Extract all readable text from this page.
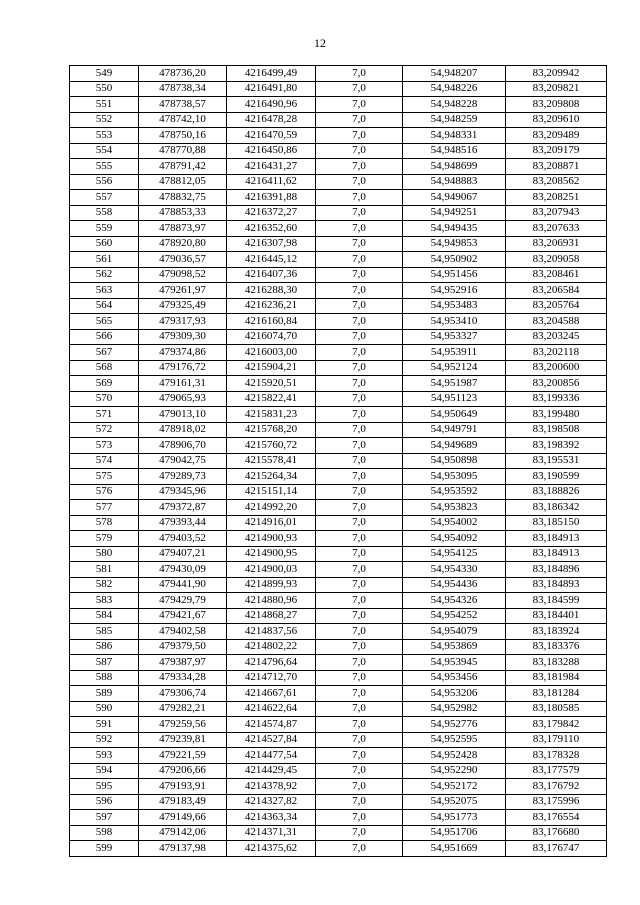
12
549	478736,20	4216499,49	7,0	54,948207	83,209942
550	478738,34	4216491,80	7,0	54,948226	83,209821
551	478738,57	4216490,96	7,0	54,948228	83,209808
552	478742,10	4216478,28	7,0	54,948259	83,209610
553	478750,16	4216470,59	7,0	54,948331	83,209489
554	478770,88	4216450,86	7,0	54,948516	83,209179
555	478791,42	4216431,27	7,0	54,948699	83,208871
556	478812,05	4216411,62	7,0	54,948883	83,208562
557	478832,75	4216391,88	7,0	54,949067	83,208251
558	478853,33	4216372,27	7,0	54,949251	83,207943
559	478873,97	4216352,60	7,0	54,949435	83,207633
560	478920,80	4216307,98	7,0	54,949853	83,206931
561	479036,57	4216445,12	7,0	54,950902	83,209058
562	479098,52	4216407,36	7,0	54,951456	83,208461
563	479261,97	4216288,30	7,0	54,952916	83,206584
564	479325,49	4216236,21	7,0	54,953483	83,205764
565	479317,93	4216160,84	7,0	54,953410	83,204588
566	479309,30	4216074,70	7,0	54,953327	83,203245
567	479374,86	4216003,00	7,0	54,953911	83,202118
568	479176,72	4215904,21	7,0	54,952124	83,200600
569	479161,31	4215920,51	7,0	54,951987	83,200856
570	479065,93	4215822,41	7,0	54,951123	83,199336
571	479013,10	4215831,23	7,0	54,950649	83,199480
572	478918,02	4215768,20	7,0	54,949791	83,198508
573	478906,70	4215760,72	7,0	54,949689	83,198392
574	479042,75	4215578,41	7,0	54,950898	83,195531
575	479289,73	4215264,34	7,0	54,953095	83,190599
576	479345,96	4215151,14	7,0	54,953592	83,188826
577	479372,87	4214992,20	7,0	54,953823	83,186342
578	479393,44	4214916,01	7,0	54,954002	83,185150
579	479403,52	4214900,93	7,0	54,954092	83,184913
580	479407,21	4214900,95	7,0	54,954125	83,184913
581	479430,09	4214900,03	7,0	54,954330	83,184896
582	479441,90	4214899,93	7,0	54,954436	83,184893
583	479429,79	4214880,96	7,0	54,954326	83,184599
584	479421,67	4214868,27	7,0	54,954252	83,184401
585	479402,58	4214837,56	7,0	54,954079	83,183924
586	479379,50	4214802,22	7,0	54,953869	83,183376
587	479387,97	4214796,64	7,0	54,953945	83,183288
588	479334,28	4214712,70	7,0	54,953456	83,181984
589	479306,74	4214667,61	7,0	54,953206	83,181284
590	479282,21	4214622,64	7,0	54,952982	83,180585
591	479259,56	4214574,87	7,0	54,952776	83,179842
592	479239,81	4214527,84	7,0	54,952595	83,179110
593	479221,59	4214477,54	7,0	54,952428	83,178328
594	479206,66	4214429,45	7,0	54,952290	83,177579
595	479193,91	4214378,92	7,0	54,952172	83,176792
596	479183,49	4214327,82	7,0	54,952075	83,175996
597	479149,66	4214363,34	7,0	54,951773	83,176554
598	479142,06	4214371,31	7,0	54,951706	83,176680
599	479137,98	4214375,62	7,0	54,951669	83,176747
